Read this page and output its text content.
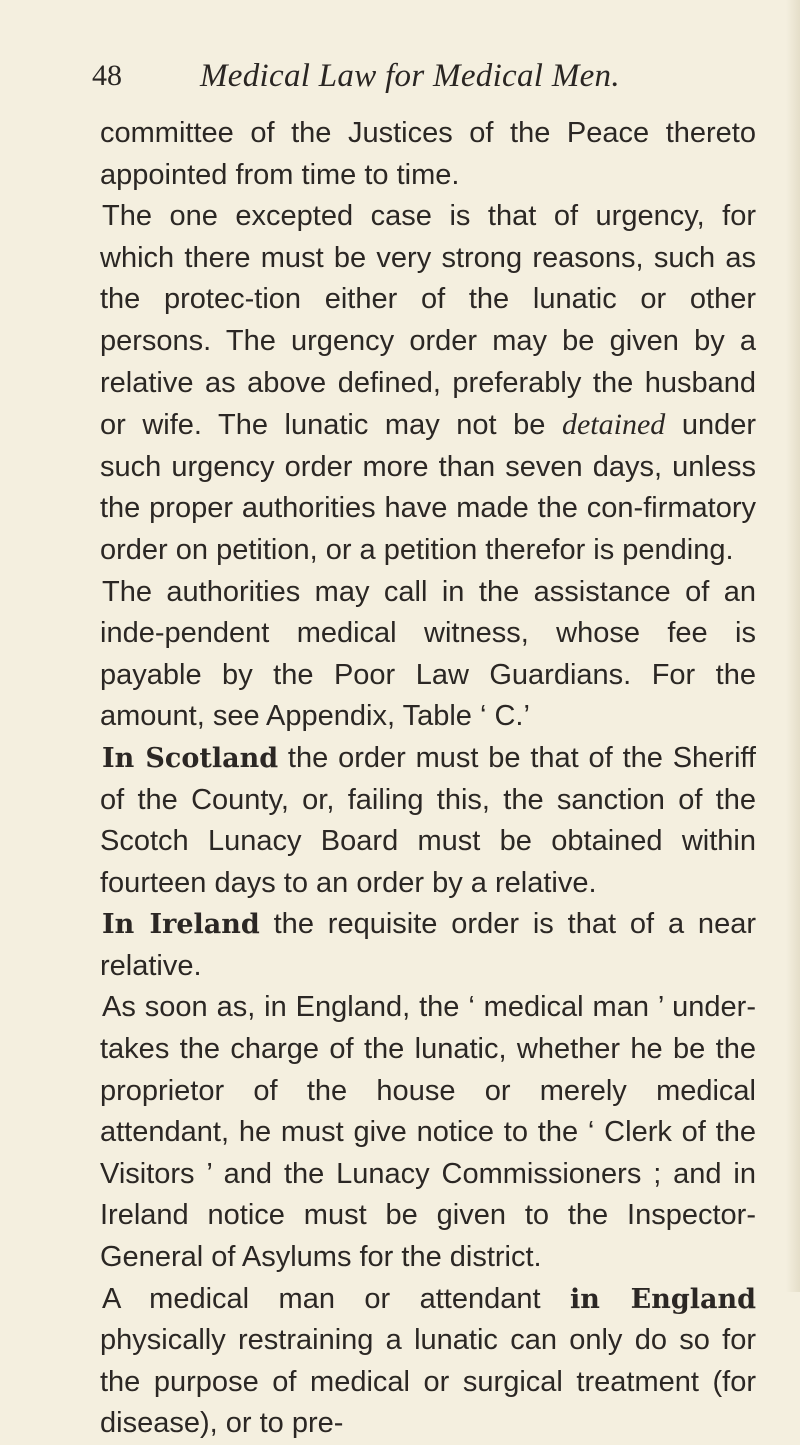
48 Medical Law for Medical Men.

committee of the Justices of the Peace thereto appointed from time to time.

The one excepted case is that of urgency, for which there must be very strong reasons, such as the protec-tion either of the lunatic or other persons. The urgency order may be given by a relative as above defined, preferably the husband or wife. The lunatic may not be detained under such urgency order more than seven days, unless the proper authorities have made the con-firmatory order on petition, or a petition therefor is pending.

The authorities may call in the assistance of an inde-pendent medical witness, whose fee is payable by the Poor Law Guardians. For the amount, see Appendix, Table ‘ C.’

In Scotland the order must be that of the Sheriff of the County, or, failing this, the sanction of the Scotch Lunacy Board must be obtained within fourteen days to an order by a relative.

In Ireland the requisite order is that of a near relative.

As soon as, in England, the ‘ medical man ’ under-takes the charge of the lunatic, whether he be the proprietor of the house or merely medical attendant, he must give notice to the ‘ Clerk of the Visitors ’ and the Lunacy Commissioners ; and in Ireland notice must be given to the Inspector-General of Asylums for the district.

A medical man or attendant in England physically restraining a lunatic can only do so for the purpose of medical or surgical treatment (for disease), or to pre-
